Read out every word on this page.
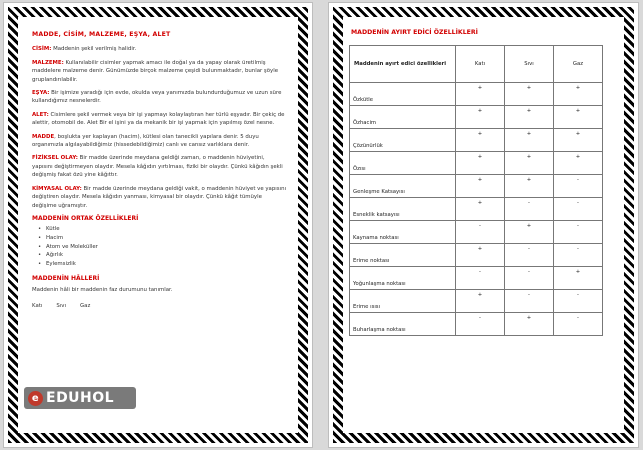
MADDE, CİSİM, MALZEME, EŞYA, ALET

CİSİM: Maddenin şekil verilmiş halidir.

MALZEME: Kullanılabilir cisimler yapmak amacı ile doğal ya da yapay olarak üretilmiş maddelere malzeme denir. Günümüzde birçok malzeme çeşidi bulunmaktadır, bunlar şöyle gruplandırılabilir.

EŞYA: Bir işimize yaradığı için evde, okulda veya yanımızda bulundurduğumuz ve uzun süre kullandığımız nesnelerdir.

ALET: Cisimlere şekil vermek veya bir işi yapmayı kolaylaştıran her türlü eşyadır. Bir çekiç de alettir, otomobil de. Alet Bir el işini ya da mekanik bir işi yapmak için yapılmış özel nesne.

MADDE, boşlukta yer kaplayan (hacim), kütlesi olan tanecikli yapılara denir. 5 duyu organımızla algılayabildiğimiz (hissedebildiğimiz) canlı ve cansız varlıklara denir.

FİZİKSEL OLAY: Bir madde üzerinde meydana geldiği zaman, o maddenin hüviyetini, yapısını değiştirmeyen olaydır. Mesela kâğıdın yırtılması, fiziki bir olaydır. Çünkü kâğıdın şekli değişmiş fakat özü yine kâğıttır.

KİMYASAL OLAY: Bir madde üzerinde meydana geldiği vakit, o maddenin hüviyet ve yapısını değiştiren olaydır. Mesela kâğıdın yanması, kimyasal bir olaydır. Çünkü kâğıt tümüyle değişime uğramıştır.

MADDENİN ORTAK ÖZELLİKLERİ
• Kütle
• Hacim
• Atom ve Moleküller
• Ağırlık
• Eylemsizlik
MADDENİN HÂLLERİ

Maddenin hâli bir maddenin faz durumunu tanımlar.

Katı	Sıvı	Gaz
e EDUHOL
MADDENİN AYIRT EDİCİ ÖZELLİKLERİ
Maddenin ayırt edici özellikleri	Katı	Sıvı	Gaz
Özkütle	+	+	+
Özhacim	+	+	+
Çözünürlük	+	+	+
Özısı	+	+	+
Genleşme Katsayısı	+	+	-
Esneklik katsayısı	+	-	-
Kaynama noktası	-	+	-
Erime noktası	+	-	-
Yoğunlaşma noktası	-	-	+
Erime ısısı	+	-	-
Buharlaşma noktası	-	+	-
